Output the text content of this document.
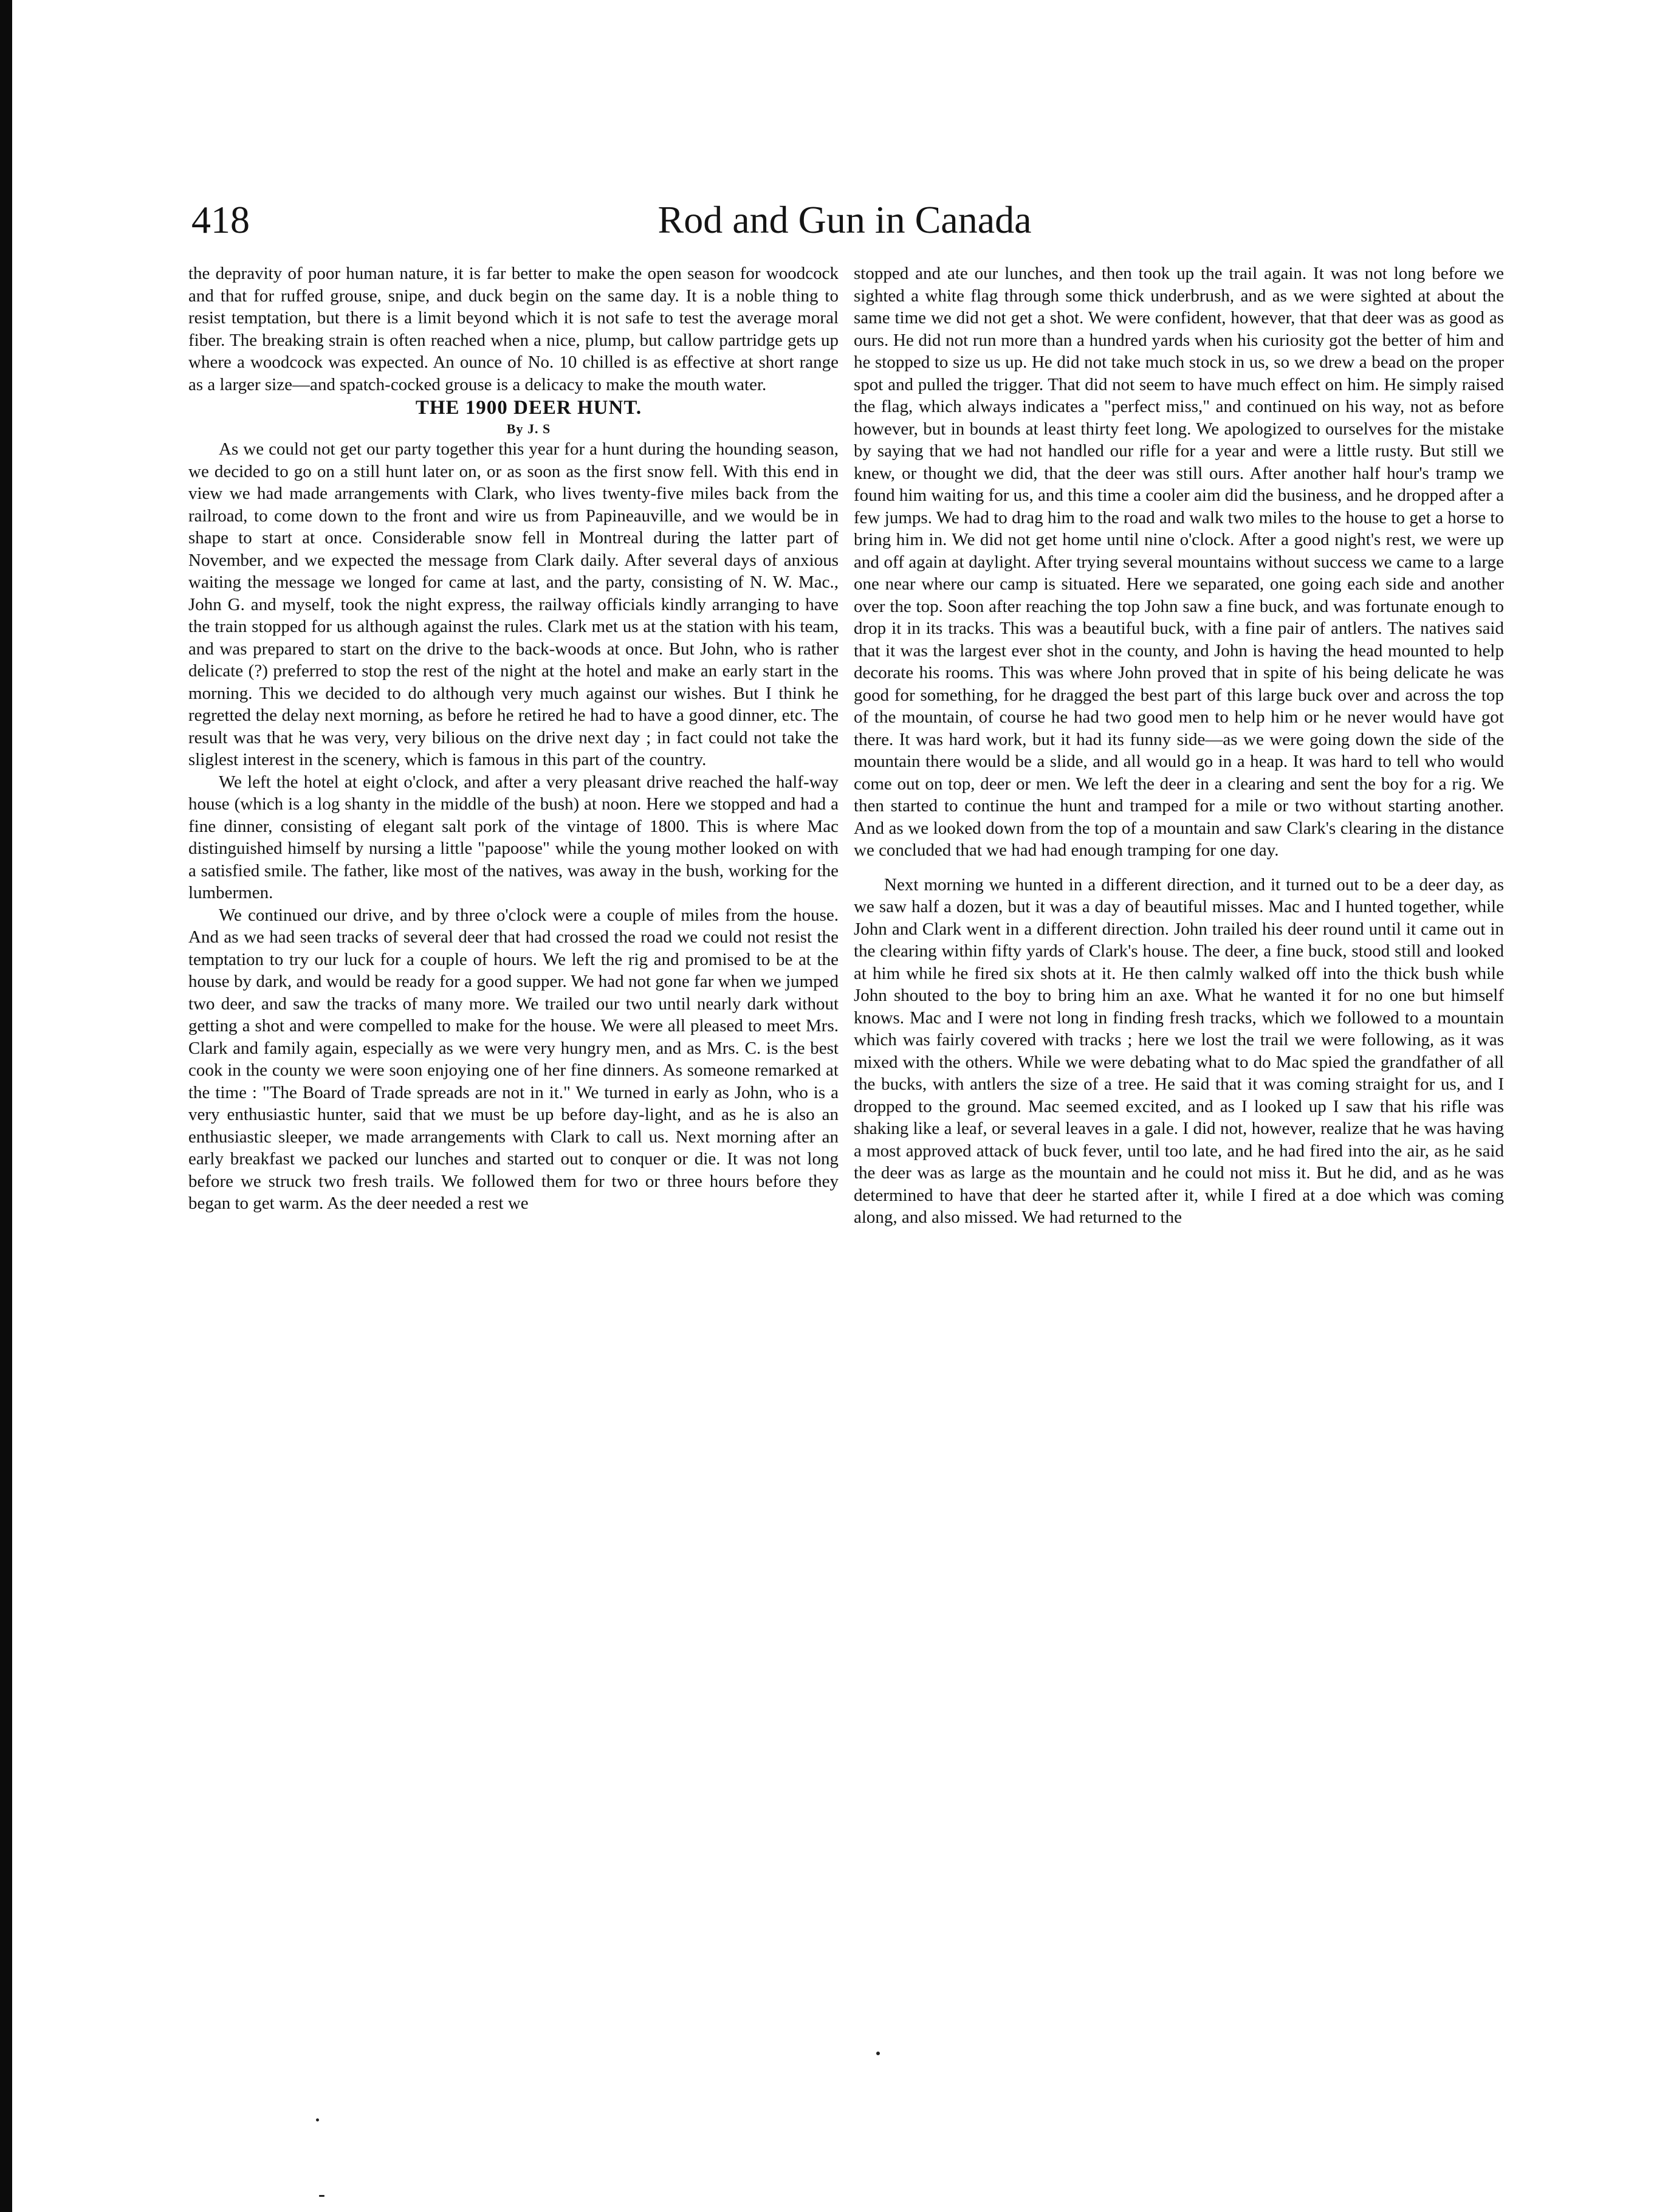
418	Rod and Gun in Canada

the depravity of poor human nature, it is far better to make the open season for woodcock and that for ruffed grouse, snipe, and duck begin on the same day. It is a noble thing to resist temptation, but there is a limit beyond which it is not safe to test the average moral fiber. The breaking strain is often reached when a nice, plump, but callow partridge gets up where a woodcock was expected. An ounce of No. 10 chilled is as effective at short range as a larger size—and spatch-cocked grouse is a delicacy to make the mouth water.

THE 1900 DEER HUNT.

By J. S

As we could not get our party together this year for a hunt during the hounding season, we decided to go on a still hunt later on, or as soon as the first snow fell. With this end in view we had made arrangements with Clark, who lives twenty-five miles back from the railroad, to come down to the front and wire us from Papineauville, and we would be in shape to start at once. Considerable snow fell in Montreal during the latter part of November, and we expected the message from Clark daily. After several days of anxious waiting the message we longed for came at last, and the party, consisting of N. W. Mac., John G. and myself, took the night express, the railway officials kindly arranging to have the train stopped for us although against the rules. Clark met us at the station with his team, and was prepared to start on the drive to the back-woods at once. But John, who is rather delicate (?) preferred to stop the rest of the night at the hotel and make an early start in the morning. This we decided to do although very much against our wishes. But I think he regretted the delay next morning, as before he retired he had to have a good dinner, etc. The result was that he was very, very bilious on the drive next day ; in fact could not take the sliglest interest in the scenery, which is famous in this part of the country.

We left the hotel at eight o'clock, and after a very pleasant drive reached the half-way house (which is a log shanty in the middle of the bush) at noon. Here we stopped and had a fine dinner, consisting of elegant salt pork of the vintage of 1800. This is where Mac distinguished himself by nursing a little "papoose" while the young mother looked on with a satisfied smile. The father, like most of the natives, was away in the bush, working for the lumbermen.

We continued our drive, and by three o'clock were a couple of miles from the house. And as we had seen tracks of several deer that had crossed the road we could not resist the temptation to try our luck for a couple of hours. We left the rig and promised to be at the house by dark, and would be ready for a good supper. We had not gone far when we jumped two deer, and saw the tracks of many more. We trailed our two until nearly dark without getting a shot and were compelled to make for the house. We were all pleased to meet Mrs. Clark and family again, especially as we were very hungry men, and as Mrs. C. is the best cook in the county we were soon enjoying one of her fine dinners. As someone remarked at the time : "The Board of Trade spreads are not in it." We turned in early as John, who is a very enthusiastic hunter, said that we must be up before day-light, and as he is also an enthusiastic sleeper, we made arrangements with Clark to call us. Next morning after an early breakfast we packed our lunches and started out to conquer or die. It was not long before we struck two fresh trails. We followed them for two or three hours before they began to get warm. As the deer needed a rest we

stopped and ate our lunches, and then took up the trail again. It was not long before we sighted a white flag through some thick underbrush, and as we were sighted at about the same time we did not get a shot. We were confident, however, that that deer was as good as ours. He did not run more than a hundred yards when his curiosity got the better of him and he stopped to size us up. He did not take much stock in us, so we drew a bead on the proper spot and pulled the trigger. That did not seem to have much effect on him. He simply raised the flag, which always indicates a "perfect miss," and continued on his way, not as before however, but in bounds at least thirty feet long. We apologized to ourselves for the mistake by saying that we had not handled our rifle for a year and were a little rusty. But still we knew, or thought we did, that the deer was still ours. After another half hour's tramp we found him waiting for us, and this time a cooler aim did the business, and he dropped after a few jumps. We had to drag him to the road and walk two miles to the house to get a horse to bring him in. We did not get home until nine o'clock. After a good night's rest, we were up and off again at daylight. After trying several mountains without success we came to a large one near where our camp is situated. Here we separated, one going each side and another over the top. Soon after reaching the top John saw a fine buck, and was fortunate enough to drop it in its tracks. This was a beautiful buck, with a fine pair of antlers. The natives said that it was the largest ever shot in the county, and John is having the head mounted to help decorate his rooms. This was where John proved that in spite of his being delicate he was good for something, for he dragged the best part of this large buck over and across the top of the mountain, of course he had two good men to help him or he never would have got there. It was hard work, but it had its funny side—as we were going down the side of the mountain there would be a slide, and all would go in a heap. It was hard to tell who would come out on top, deer or men. We left the deer in a clearing and sent the boy for a rig. We then started to continue the hunt and tramped for a mile or two without starting another. And as we looked down from the top of a mountain and saw Clark's clearing in the distance we concluded that we had had enough tramping for one day.

Next morning we hunted in a different direction, and it turned out to be a deer day, as we saw half a dozen, but it was a day of beautiful misses. Mac and I hunted together, while John and Clark went in a different direction. John trailed his deer round until it came out in the clearing within fifty yards of Clark's house. The deer, a fine buck, stood still and looked at him while he fired six shots at it. He then calmly walked off into the thick bush while John shouted to the boy to bring him an axe. What he wanted it for no one but himself knows. Mac and I were not long in finding fresh tracks, which we followed to a mountain which was fairly covered with tracks ; here we lost the trail we were following, as it was mixed with the others. While we were debating what to do Mac spied the grandfather of all the bucks, with antlers the size of a tree. He said that it was coming straight for us, and I dropped to the ground. Mac seemed excited, and as I looked up I saw that his rifle was shaking like a leaf, or several leaves in a gale. I did not, however, realize that he was having a most approved attack of buck fever, until too late, and he had fired into the air, as he said the deer was as large as the mountain and he could not miss it. But he did, and as he was determined to have that deer he started after it, while I fired at a doe which was coming along, and also missed. We had returned to the
